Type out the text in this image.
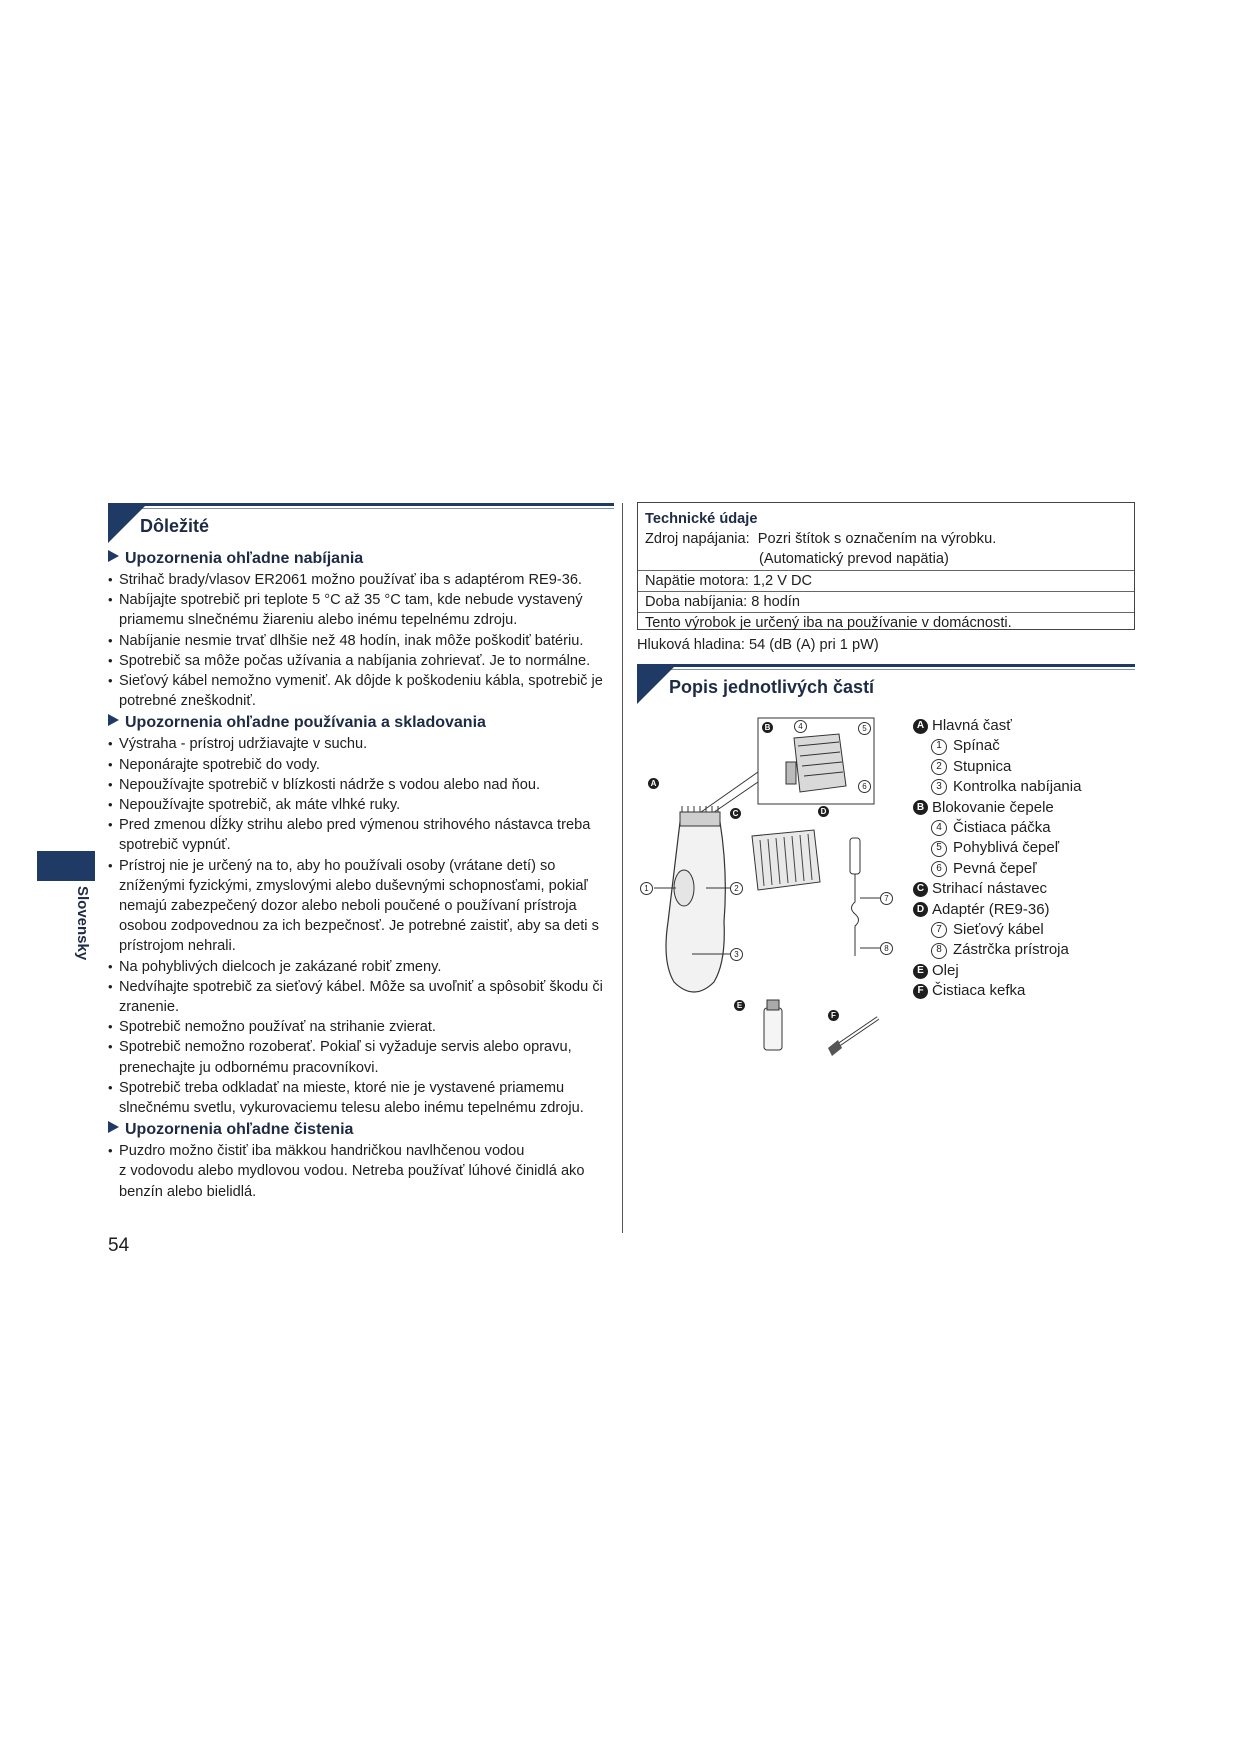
Dôležité
Upozornenia ohľadne nabíjania
• Strihač brady/vlasov ER2061 možno používať iba s adaptérom RE9-36.
• Nabíjajte spotrebič pri teplote 5 °C až 35 °C tam, kde nebude vystavený priamemu slnečnému žiareniu alebo inému tepelnému zdroju.
• Nabíjanie nesmie trvať dlhšie než 48 hodín, inak môže poškodiť batériu.
• Spotrebič sa môže počas užívania a nabíjania zohrievať. Je to normálne.
• Sieťový kábel nemožno vymeniť. Ak dôjde k poškodeniu kábla, spotrebič je potrebné zneškodniť.
Upozornenia ohľadne používania a skladovania
• Výstraha - prístroj udržiavajte v suchu.
• Neponárajte spotrebič do vody.
• Nepoužívajte spotrebič v blízkosti nádrže s vodou alebo nad ňou.
• Nepoužívajte spotrebič, ak máte vlhké ruky.
• Pred zmenou dĺžky strihu alebo pred výmenou strihového nástavca treba spotrebič vypnúť.
• Prístroj nie je určený na to, aby ho používali osoby (vrátane detí) so zníženými fyzickými, zmyslovými alebo duševnými schopnosťami, pokiaľ nemajú zabezpečený dozor alebo neboli poučené o používaní prístroja osobou zodpovednou za ich bezpečnosť. Je potrebné zaistiť, aby sa deti s prístrojom nehrali.
• Na pohyblivých dielcoch je zakázané robiť zmeny.
• Nedvíhajte spotrebič za sieťový kábel. Môže sa uvoľniť a spôsobiť škodu či zranenie.
• Spotrebič nemožno používať na strihanie zvierat.
• Spotrebič nemožno rozoberať. Pokiaľ si vyžaduje servis alebo opravu, prenechajte ju odbornému pracovníkovi.
• Spotrebič treba odkladať na mieste, ktoré nie je vystavené priamemu slnečnému svetlu, vykurovaciemu telesu alebo inému tepelnému zdroju.
Upozornenia ohľadne čistenia
• Puzdro možno čistiť iba mäkkou handričkou navlhčenou vodou
z vodovodu alebo mydlovou vodou. Netreba používať lúhové činidlá ako benzín alebo bielidlá.
54
Slovensky
Technické údaje
Zdroj napájania: Pozri štítok s označením na výrobku.
(Automatický prevod napätia)
Napätie motora: 1,2 V DC
Doba nabíjania: 8 hodín
Tento výrobok je určený iba na používanie v domácnosti.
Hluková hladina: 54 (dB (A) pri 1 pW)
Popis jednotlivých častí
A
B
C	D
E
F
1	2
3
4	5
6
7
8
A Hlavná časť
1 Spínač
2 Stupnica
3 Kontrolka nabíjania
B Blokovanie čepele
4 Čistiaca páčka
5 Pohyblivá čepeľ
6 Pevná čepeľ
C Strihací nástavec
D Adaptér (RE9-36)
7 Sieťový kábel
8 Zástrčka prístroja
E Olej
F Čistiaca kefka
